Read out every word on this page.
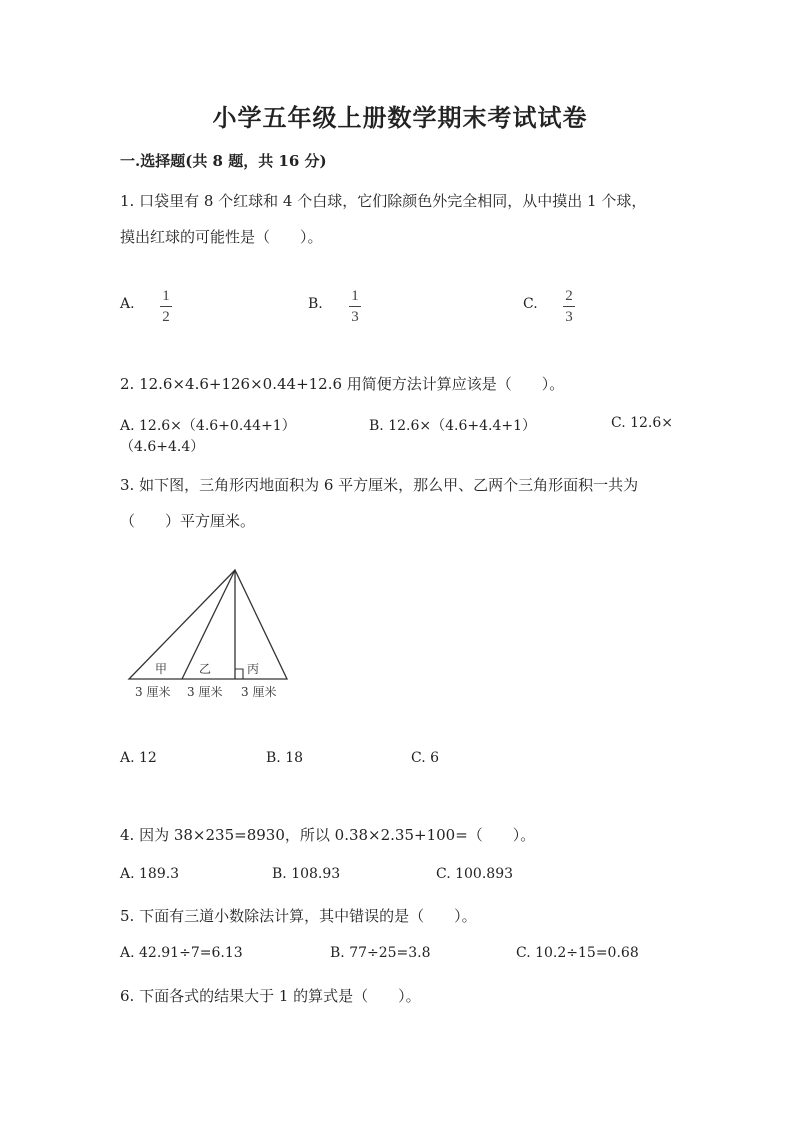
小学五年级上册数学期末考试试卷
一.选择题(共 8 题，共 16 分)
1. 口袋里有 8 个红球和 4 个白球，它们除颜色外完全相同，从中摸出 1 个球，
摸出红球的可能性是（　　）。
A. 1
2
B. 1
3
C. 2
3
2. 12.6×4.6+126×0.44+12.6 用简便方法计算应该是（　　）。
A. 12.6×（4.6+0.44+1）	B. 12.6×（4.6+4.4+1）	C. 12.6×
（4.6+4.4）
3. 如下图，三角形丙地面积为 6 平方厘米，那么甲、乙两个三角形面积一共为
（　　）平方厘米。
甲	乙	丙
3 厘米 3 厘米 3 厘米
A. 12	B. 18	C. 6
4. 因为 38×235=8930，所以 0.38×2.35+100=（　　）。
A. 189.3	B. 108.93	C. 100.893
5. 下面有三道小数除法计算，其中错误的是（　　）。
A. 42.91÷7=6.13	B. 77÷25=3.8	C. 10.2÷15=0.68
6. 下面各式的结果大于 1 的算式是（　　）。
